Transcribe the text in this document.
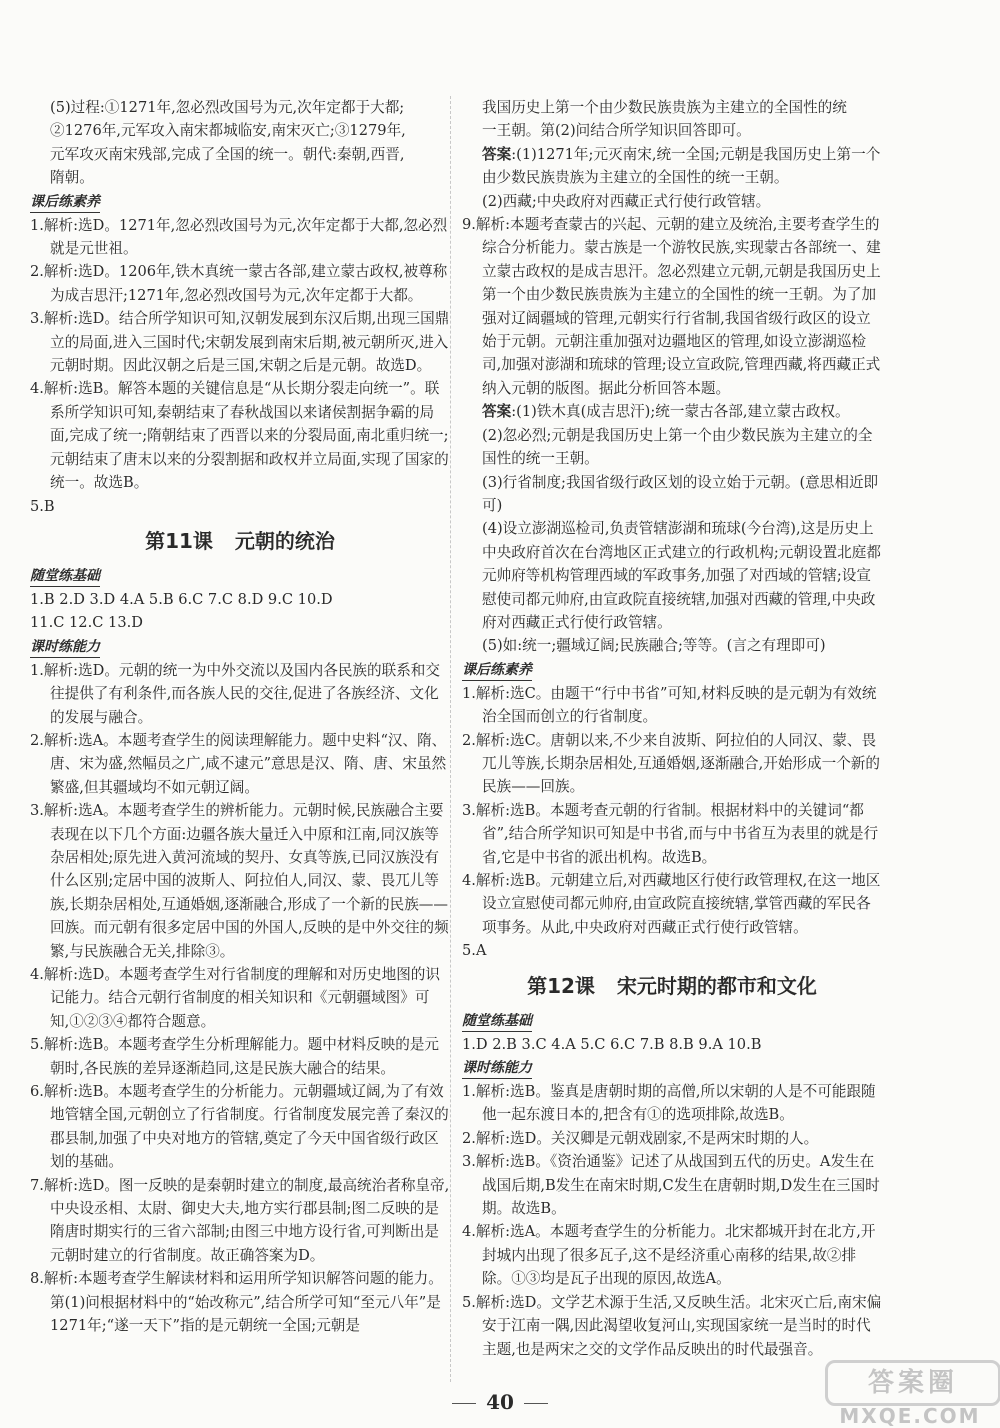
(5)过程:①1271年,忽必烈改国号为元,次年定都于大都;

②1276年,元军攻入南宋都城临安,南宋灭亡;③1279年,

元军攻灭南宋残部,完成了全国的统一。朝代:秦朝,西晋,

隋朝。

课后练素养

1.解析:选D。1271年,忽必烈改国号为元,次年定都于大都,忽必烈就是元世祖。

2.解析:选D。1206年,铁木真统一蒙古各部,建立蒙古政权,被尊称为成吉思汗;1271年,忽必烈改国号为元,次年定都于大都。

3.解析:选D。结合所学知识可知,汉朝发展到东汉后期,出现三国鼎立的局面,进入三国时代;宋朝发展到南宋后期,被元朝所灭,进入元朝时期。因此汉朝之后是三国,宋朝之后是元朝。故选D。

4.解析:选B。解答本题的关键信息是“从长期分裂走向统一”。联系所学知识可知,秦朝结束了春秋战国以来诸侯割据争霸的局面,完成了统一;隋朝结束了西晋以来的分裂局面,南北重归统一;元朝结束了唐末以来的分裂割据和政权并立局面,实现了国家的统一。故选B。

5.B

第11课 元朝的统治
随堂练基础

1.B 2.D 3.D 4.A 5.B 6.C 7.C 8.D 9.C 10.D

11.C 12.C 13.D

课时练能力

1.解析:选D。元朝的统一为中外交流以及国内各民族的联系和交往提供了有利条件,而各族人民的交往,促进了各族经济、文化的发展与融合。

2.解析:选A。本题考查学生的阅读理解能力。题中史料“汉、隋、唐、宋为盛,然幅员之广,咸不逮元”意思是汉、隋、唐、宋虽然繁盛,但其疆域均不如元朝辽阔。

3.解析:选A。本题考查学生的辨析能力。元朝时候,民族融合主要表现在以下几个方面:边疆各族大量迁入中原和江南,同汉族等杂居相处;原先进入黄河流域的契丹、女真等族,已同汉族没有什么区别;定居中国的波斯人、阿拉伯人,同汉、蒙、畏兀儿等族,长期杂居相处,互通婚姻,逐渐融合,形成了一个新的民族——回族。而元朝有很多定居中国的外国人,反映的是中外交往的频繁,与民族融合无关,排除③。

4.解析:选D。本题考查学生对行省制度的理解和对历史地图的识记能力。结合元朝行省制度的相关知识和《元朝疆域图》可知,①②③④都符合题意。

5.解析:选B。本题考查学生分析理解能力。题中材料反映的是元朝时,各民族的差异逐渐趋同,这是民族大融合的结果。

6.解析:选B。本题考查学生的分析能力。元朝疆域辽阔,为了有效地管辖全国,元朝创立了行省制度。行省制度发展完善了秦汉的郡县制,加强了中央对地方的管辖,奠定了今天中国省级行政区划的基础。

7.解析:选D。图一反映的是秦朝时建立的制度,最高统治者称皇帝,中央设丞相、太尉、御史大夫,地方实行郡县制;图二反映的是隋唐时期实行的三省六部制;由图三中地方设行省,可判断出是元朝时建立的行省制度。故正确答案为D。

8.解析:本题考查学生解读材料和运用所学知识解答问题的能力。第(1)问根据材料中的“始改称元”,结合所学可知“至元八年”是1271年;“遂一天下”指的是元朝统一全国;元朝是

我国历史上第一个由少数民族贵族为主建立的全国性的统

一王朝。第(2)问结合所学知识回答即可。

答案:(1)1271年;元灭南宋,统一全国;元朝是我国历史上第一个由少数民族贵族为主建立的全国性的统一王朝。

(2)西藏;中央政府对西藏正式行使行政管辖。

9.解析:本题考查蒙古的兴起、元朝的建立及统治,主要考查学生的综合分析能力。蒙古族是一个游牧民族,实现蒙古各部统一、建立蒙古政权的是成吉思汗。忽必烈建立元朝,元朝是我国历史上第一个由少数民族贵族为主建立的全国性的统一王朝。为了加强对辽阔疆域的管理,元朝实行行省制,我国省级行政区的设立始于元朝。元朝注重加强对边疆地区的管理,如设立澎湖巡检司,加强对澎湖和琉球的管理;设立宣政院,管理西藏,将西藏正式纳入元朝的版图。据此分析回答本题。

答案:(1)铁木真(成吉思汗);统一蒙古各部,建立蒙古政权。

(2)忽必烈;元朝是我国历史上第一个由少数民族为主建立的全国性的统一王朝。

(3)行省制度;我国省级行政区划的设立始于元朝。(意思相近即可)

(4)设立澎湖巡检司,负责管辖澎湖和琉球(今台湾),这是历史上中央政府首次在台湾地区正式建立的行政机构;元朝设置北庭都元帅府等机构管理西域的军政事务,加强了对西域的管辖;设宣慰使司都元帅府,由宣政院直接统辖,加强对西藏的管理,中央政府对西藏正式行使行政管辖。

(5)如:统一;疆域辽阔;民族融合;等等。(言之有理即可)

课后练素养

1.解析:选C。由题干“行中书省”可知,材料反映的是元朝为有效统治全国而创立的行省制度。

2.解析:选C。唐朝以来,不少来自波斯、阿拉伯的人同汉、蒙、畏兀儿等族,长期杂居相处,互通婚姻,逐渐融合,开始形成一个新的民族——回族。

3.解析:选B。本题考查元朝的行省制。根据材料中的关键词“都省”,结合所学知识可知是中书省,而与中书省互为表里的就是行省,它是中书省的派出机构。故选B。

4.解析:选B。元朝建立后,对西藏地区行使行政管理权,在这一地区设立宣慰使司都元帅府,由宣政院直接统辖,掌管西藏的军民各项事务。从此,中央政府对西藏正式行使行政管辖。

5.A

第12课 宋元时期的都市和文化
随堂练基础

1.D 2.B 3.C 4.A 5.C 6.C 7.B 8.B 9.A 10.B

课时练能力

1.解析:选B。鉴真是唐朝时期的高僧,所以宋朝的人是不可能跟随他一起东渡日本的,把含有①的选项排除,故选B。

2.解析:选D。关汉卿是元朝戏剧家,不是两宋时期的人。

3.解析:选B。《资治通鉴》记述了从战国到五代的历史。A发生在战国后期,B发生在南宋时期,C发生在唐朝时期,D发生在三国时期。故选B。

4.解析:选A。本题考查学生的分析能力。北宋都城开封在北方,开封城内出现了很多瓦子,这不是经济重心南移的结果,故②排除。①③均是瓦子出现的原因,故选A。

5.解析:选D。文学艺术源于生活,又反映生活。北宋灭亡后,南宋偏安于江南一隅,因此渴望收复河山,实现国家统一是当时的时代主题,也是两宋之交的文学作品反映出的时代最强音。

40
答案圈
MXQE.COM
